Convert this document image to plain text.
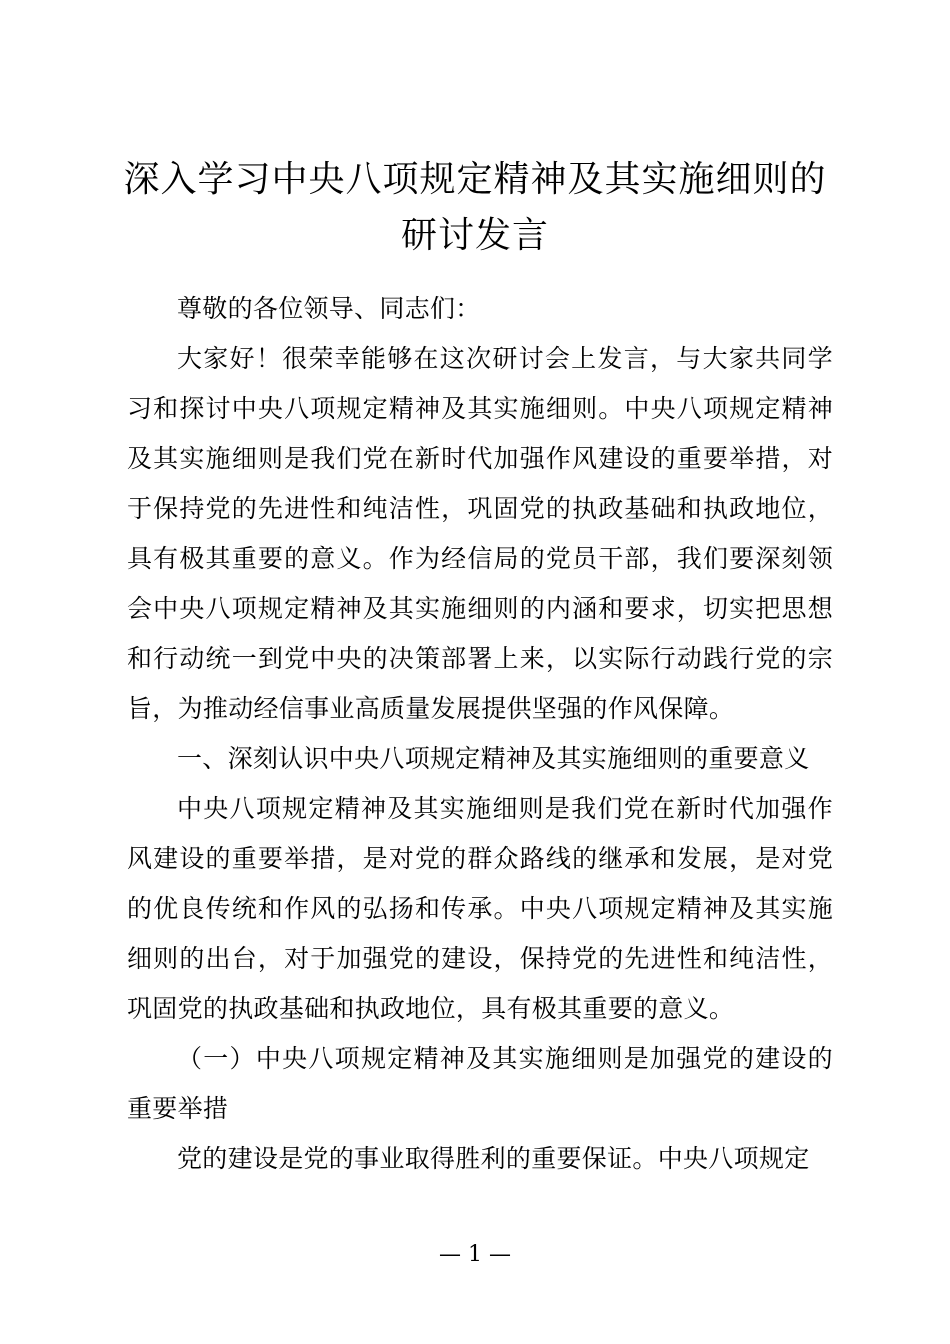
深入学习中央八项规定精神及其实施细则的研讨发言

尊敬的各位领导、同志们：

大家好！很荣幸能够在这次研讨会上发言，与大家共同学习和探讨中央八项规定精神及其实施细则。中央八项规定精神及其实施细则是我们党在新时代加强作风建设的重要举措，对于保持党的先进性和纯洁性，巩固党的执政基础和执政地位，具有极其重要的意义。作为经信局的党员干部，我们要深刻领会中央八项规定精神及其实施细则的内涵和要求，切实把思想和行动统一到党中央的决策部署上来，以实际行动践行党的宗旨，为推动经信事业高质量发展提供坚强的作风保障。

一、深刻认识中央八项规定精神及其实施细则的重要意义

中央八项规定精神及其实施细则是我们党在新时代加强作风建设的重要举措，是对党的群众路线的继承和发展，是对党的优良传统和作风的弘扬和传承。中央八项规定精神及其实施细则的出台，对于加强党的建设，保持党的先进性和纯洁性，巩固党的执政基础和执政地位，具有极其重要的意义。

（一）中央八项规定精神及其实施细则是加强党的建设的重要举措

党的建设是党的事业取得胜利的重要保证。中央八项规定

— 1 —
